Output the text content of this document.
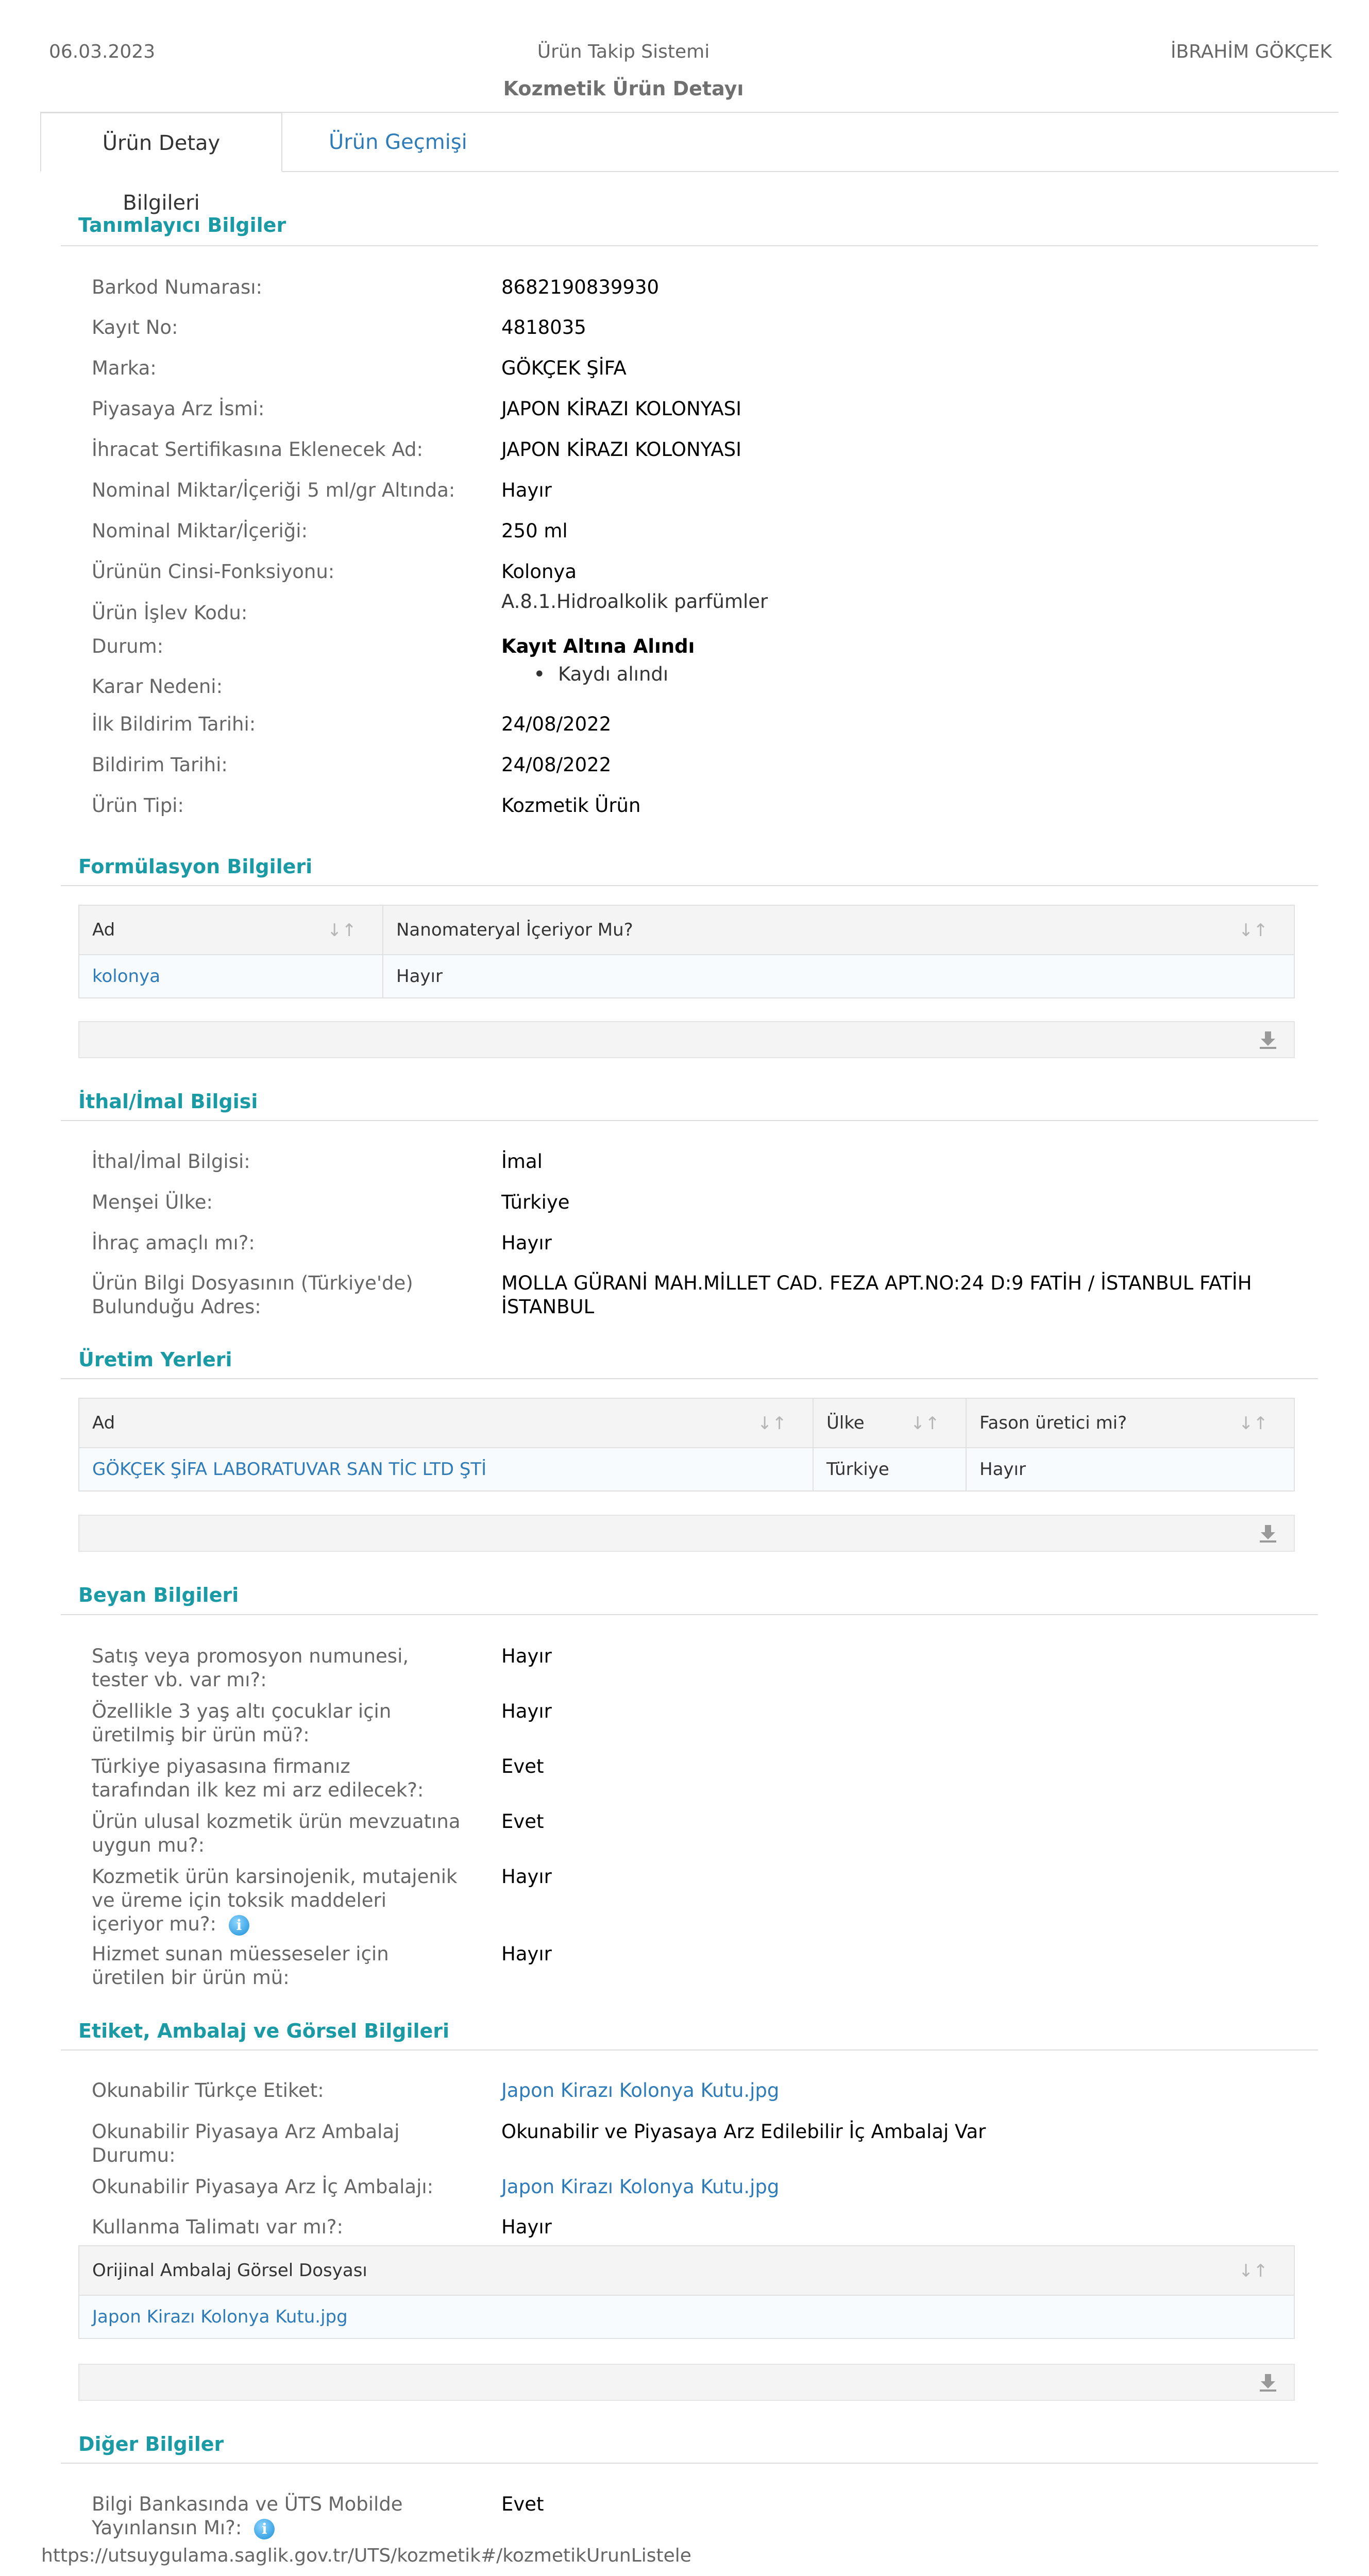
06.03.2023	Ürün Takip Sistemi	İBRAHİM GÖKÇEK
Kozmetik Ürün Detayı
Ürün Detay Bilgileri
Ürün Geçmişi
Tanımlayıcı Bilgiler
Barkod Numarası:	8682190839930
Kayıt No:	4818035
Marka:	GÖKÇEK ŞİFA
Piyasaya Arz İsmi:	JAPON KİRAZI KOLONYASI
İhracat Sertifikasına Eklenecek Ad:	JAPON KİRAZI KOLONYASI
Nominal Miktar/İçeriği 5 ml/gr Altında:	Hayır
Nominal Miktar/İçeriği:	250 ml
Ürünün Cinsi-Fonksiyonu:	Kolonya
Ürün İşlev Kodu:
A.8.1.Hidroalkolik parfümler
Durum:	Kayıt Altına Alındı
Karar Nedeni:
• Kaydı alındı
İlk Bildirim Tarihi:	24/08/2022
Bildirim Tarihi:	24/08/2022
Ürün Tipi:	Kozmetik Ürün
Formülasyon Bilgileri
Ad ↓↑	Nanomateryal İçeriyor Mu? ↓↑

kolonya	Hayır
İthal/İmal Bilgisi
İthal/İmal Bilgisi:	İmal
Menşei Ülke:	Türkiye
İhraç amaçlı mı?:	Hayır
Ürün Bilgi Dosyasının (Türkiye'de) Bulunduğu Adres:
MOLLA GÜRANİ MAH.MİLLET CAD. FEZA APT.NO:24 D:9 FATİH / İSTANBUL FATİH İSTANBUL
Üretim Yerleri
Ad ↓↑	Ülke ↓↑	Fason üretici mi? ↓↑

GÖKÇEK ŞİFA LABORATUVAR SAN TİC LTD ŞTİ	Türkiye	Hayır
Beyan Bilgileri
Satış veya promosyon numunesi, tester vb. var mı?:
Hayır
Özellikle 3 yaş altı çocuklar için üretilmiş bir ürün mü?:
Hayır
Türkiye piyasasına firmanız tarafından ilk kez mi arz edilecek?:
Evet
Ürün ulusal kozmetik ürün mevzuatına uygun mu?:
Evet
Kozmetik ürün karsinojenik, mutajenik ve üreme için toksik maddeleri içeriyor mu?: i
Hayır
Hizmet sunan müesseseler için üretilen bir ürün mü:
Hayır
Etiket, Ambalaj ve Görsel Bilgileri
Okunabilir Türkçe Etiket:	Japon Kirazı Kolonya Kutu.jpg
Okunabilir Piyasaya Arz Ambalaj Durumu:
Okunabilir ve Piyasaya Arz Edilebilir İç Ambalaj Var
Okunabilir Piyasaya Arz İç Ambalajı:	Japon Kirazı Kolonya Kutu.jpg
Kullanma Talimatı var mı?:	Hayır
Orijinal Ambalaj Görsel Dosyası	↓↑

Japon Kirazı Kolonya Kutu.jpg
Diğer Bilgiler
Bilgi Bankasında ve ÜTS Mobilde Yayınlansın Mı?: i
Evet
https://utsuygulama.saglik.gov.tr/UTS/kozmetik#/kozmetikUrunListele
